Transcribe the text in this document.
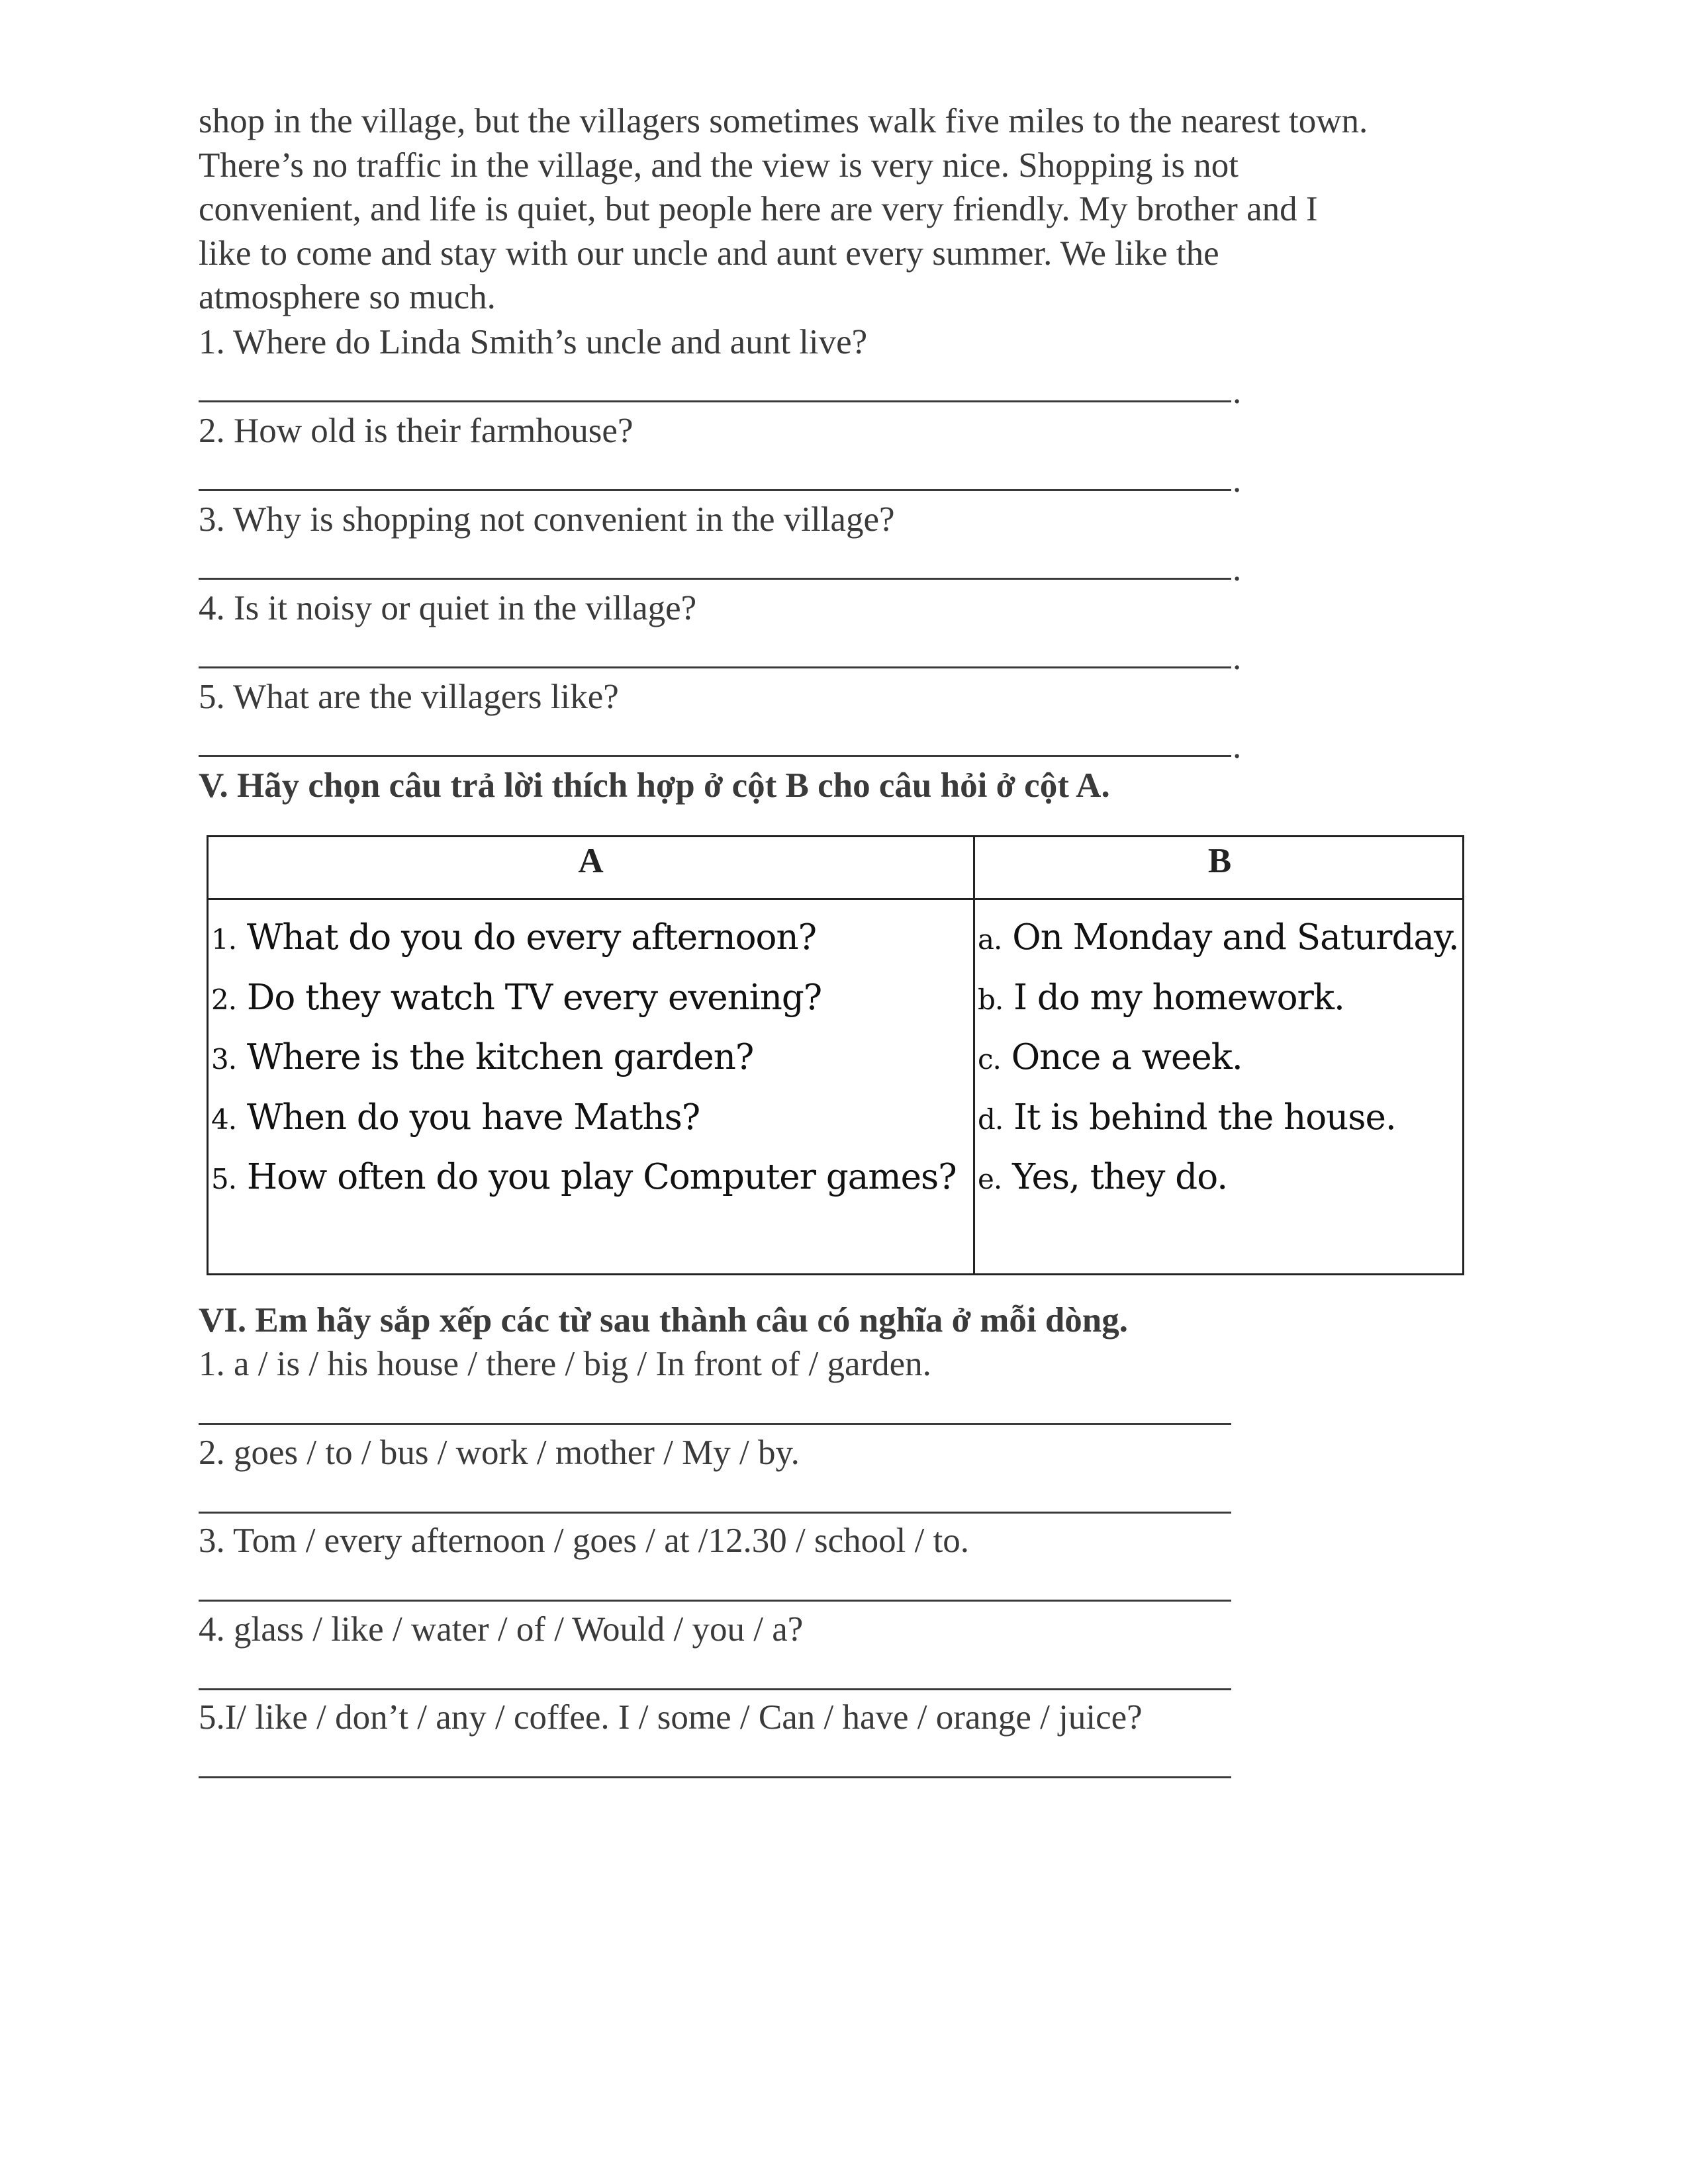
shop in the village, but the villagers sometimes walk five miles to the nearest town.
There’s no traffic in the village, and the view is very nice. Shopping is not
convenient, and life is quiet, but people here are very friendly. My brother and I
like to come and stay with our uncle and aunt every summer. We like the
atmosphere so much.
1. Where do Linda Smith’s uncle and aunt live?
.
2. How old is their farmhouse?
.
3. Why is shopping not convenient in the village?
.
4. Is it noisy or quiet in the village?
.
5. What are the villagers like?
.
V. Hãy chọn câu trả lời thích hợp ở cột B cho câu hỏi ở cột A.
A	B
1. What do you do every afternoon?
2. Do they watch TV every evening?
3. Where is the kitchen garden?
4. When do you have Maths?
5. How often do you play Computer games?
a. On Monday and Saturday.
b. I do my homework.
c. Once a week.
d. It is behind the house.
e. Yes, they do.
VI. Em hãy sắp xếp các từ sau thành câu có nghĩa ở mỗi dòng.
1. a / is / his house / there / big / In front of / garden.
2. goes / to / bus / work / mother / My / by.
3. Tom / every afternoon / goes / at /12.30 / school / to.
4. glass / like / water / of / Would / you / a?
5.I/ like / don’t / any / coffee. I / some / Can / have / orange / juice?
